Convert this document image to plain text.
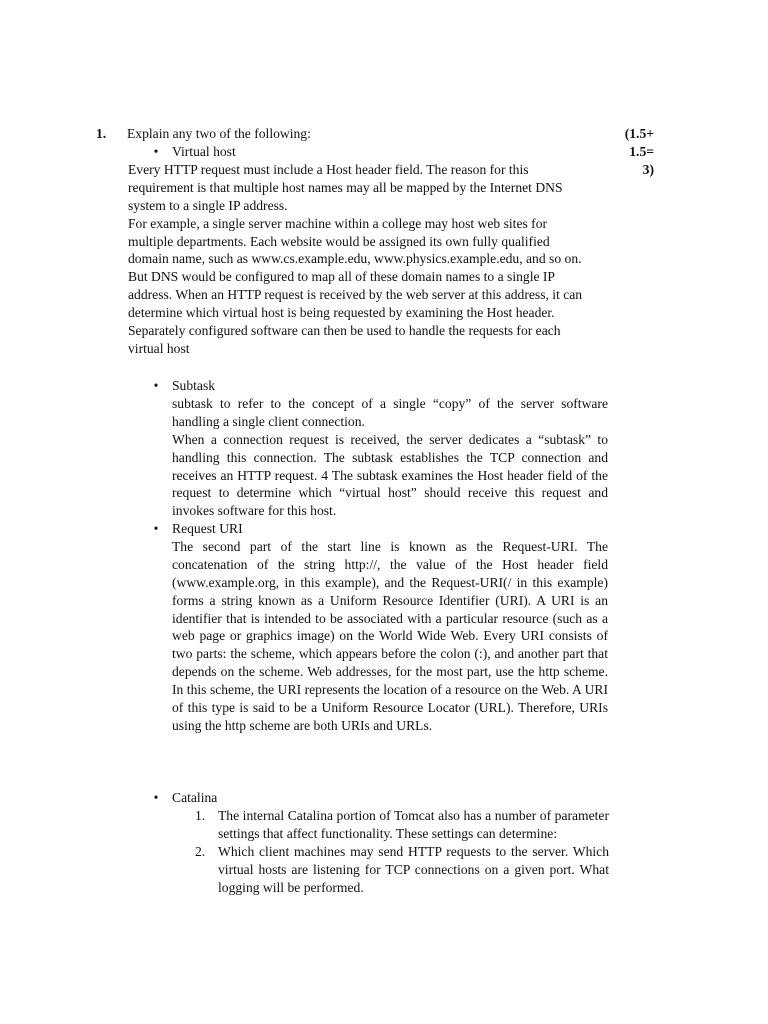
1. Explain any two of the following:	(1.5+
1.5=
3)
• Virtual host

Every HTTP request must include a Host header field. The reason for this requirement is that multiple host names may all be mapped by the Internet DNS system to a single IP address.

For example, a single server machine within a college may host web sites for multiple departments. Each website would be assigned its own fully qualified domain name, such as www.cs.example.edu, www.physics.example.edu, and so on. But DNS would be configured to map all of these domain names to a single IP address. When an HTTP request is received by the web server at this address, it can determine which virtual host is being requested by examining the Host header. Separately configured software can then be used to handle the requests for each virtual host

• Subtask

subtask to refer to the concept of a single “copy” of the server software handling a single client connection.

When a connection request is received, the server dedicates a “subtask” to handling this connection. The subtask establishes the TCP connection and receives an HTTP request. 4 The subtask examines the Host header field of the request to determine which “virtual host” should receive this request and invokes software for this host.

• Request URI

The second part of the start line is known as the Request-URI. The concatenation of the string http://, the value of the Host header field (www.example.org, in this example), and the Request-URI(/ in this example) forms a string known as a Uniform Resource Identifier (URI). A URI is an identifier that is intended to be associated with a particular resource (such as a web page or graphics image) on the World Wide Web. Every URI consists of two parts: the scheme, which appears before the colon (:), and another part that depends on the scheme. Web addresses, for the most part, use the http scheme. In this scheme, the URI represents the location of a resource on the Web. A URI of this type is said to be a Uniform Resource Locator (URL). Therefore, URIs using the http scheme are both URIs and URLs.

• Catalina
1. The internal Catalina portion of Tomcat also has a number of parameter settings that affect functionality. These settings can determine:
2. Which client machines may send HTTP requests to the server. Which virtual hosts are listening for TCP connections on a given port. What logging will be performed.
